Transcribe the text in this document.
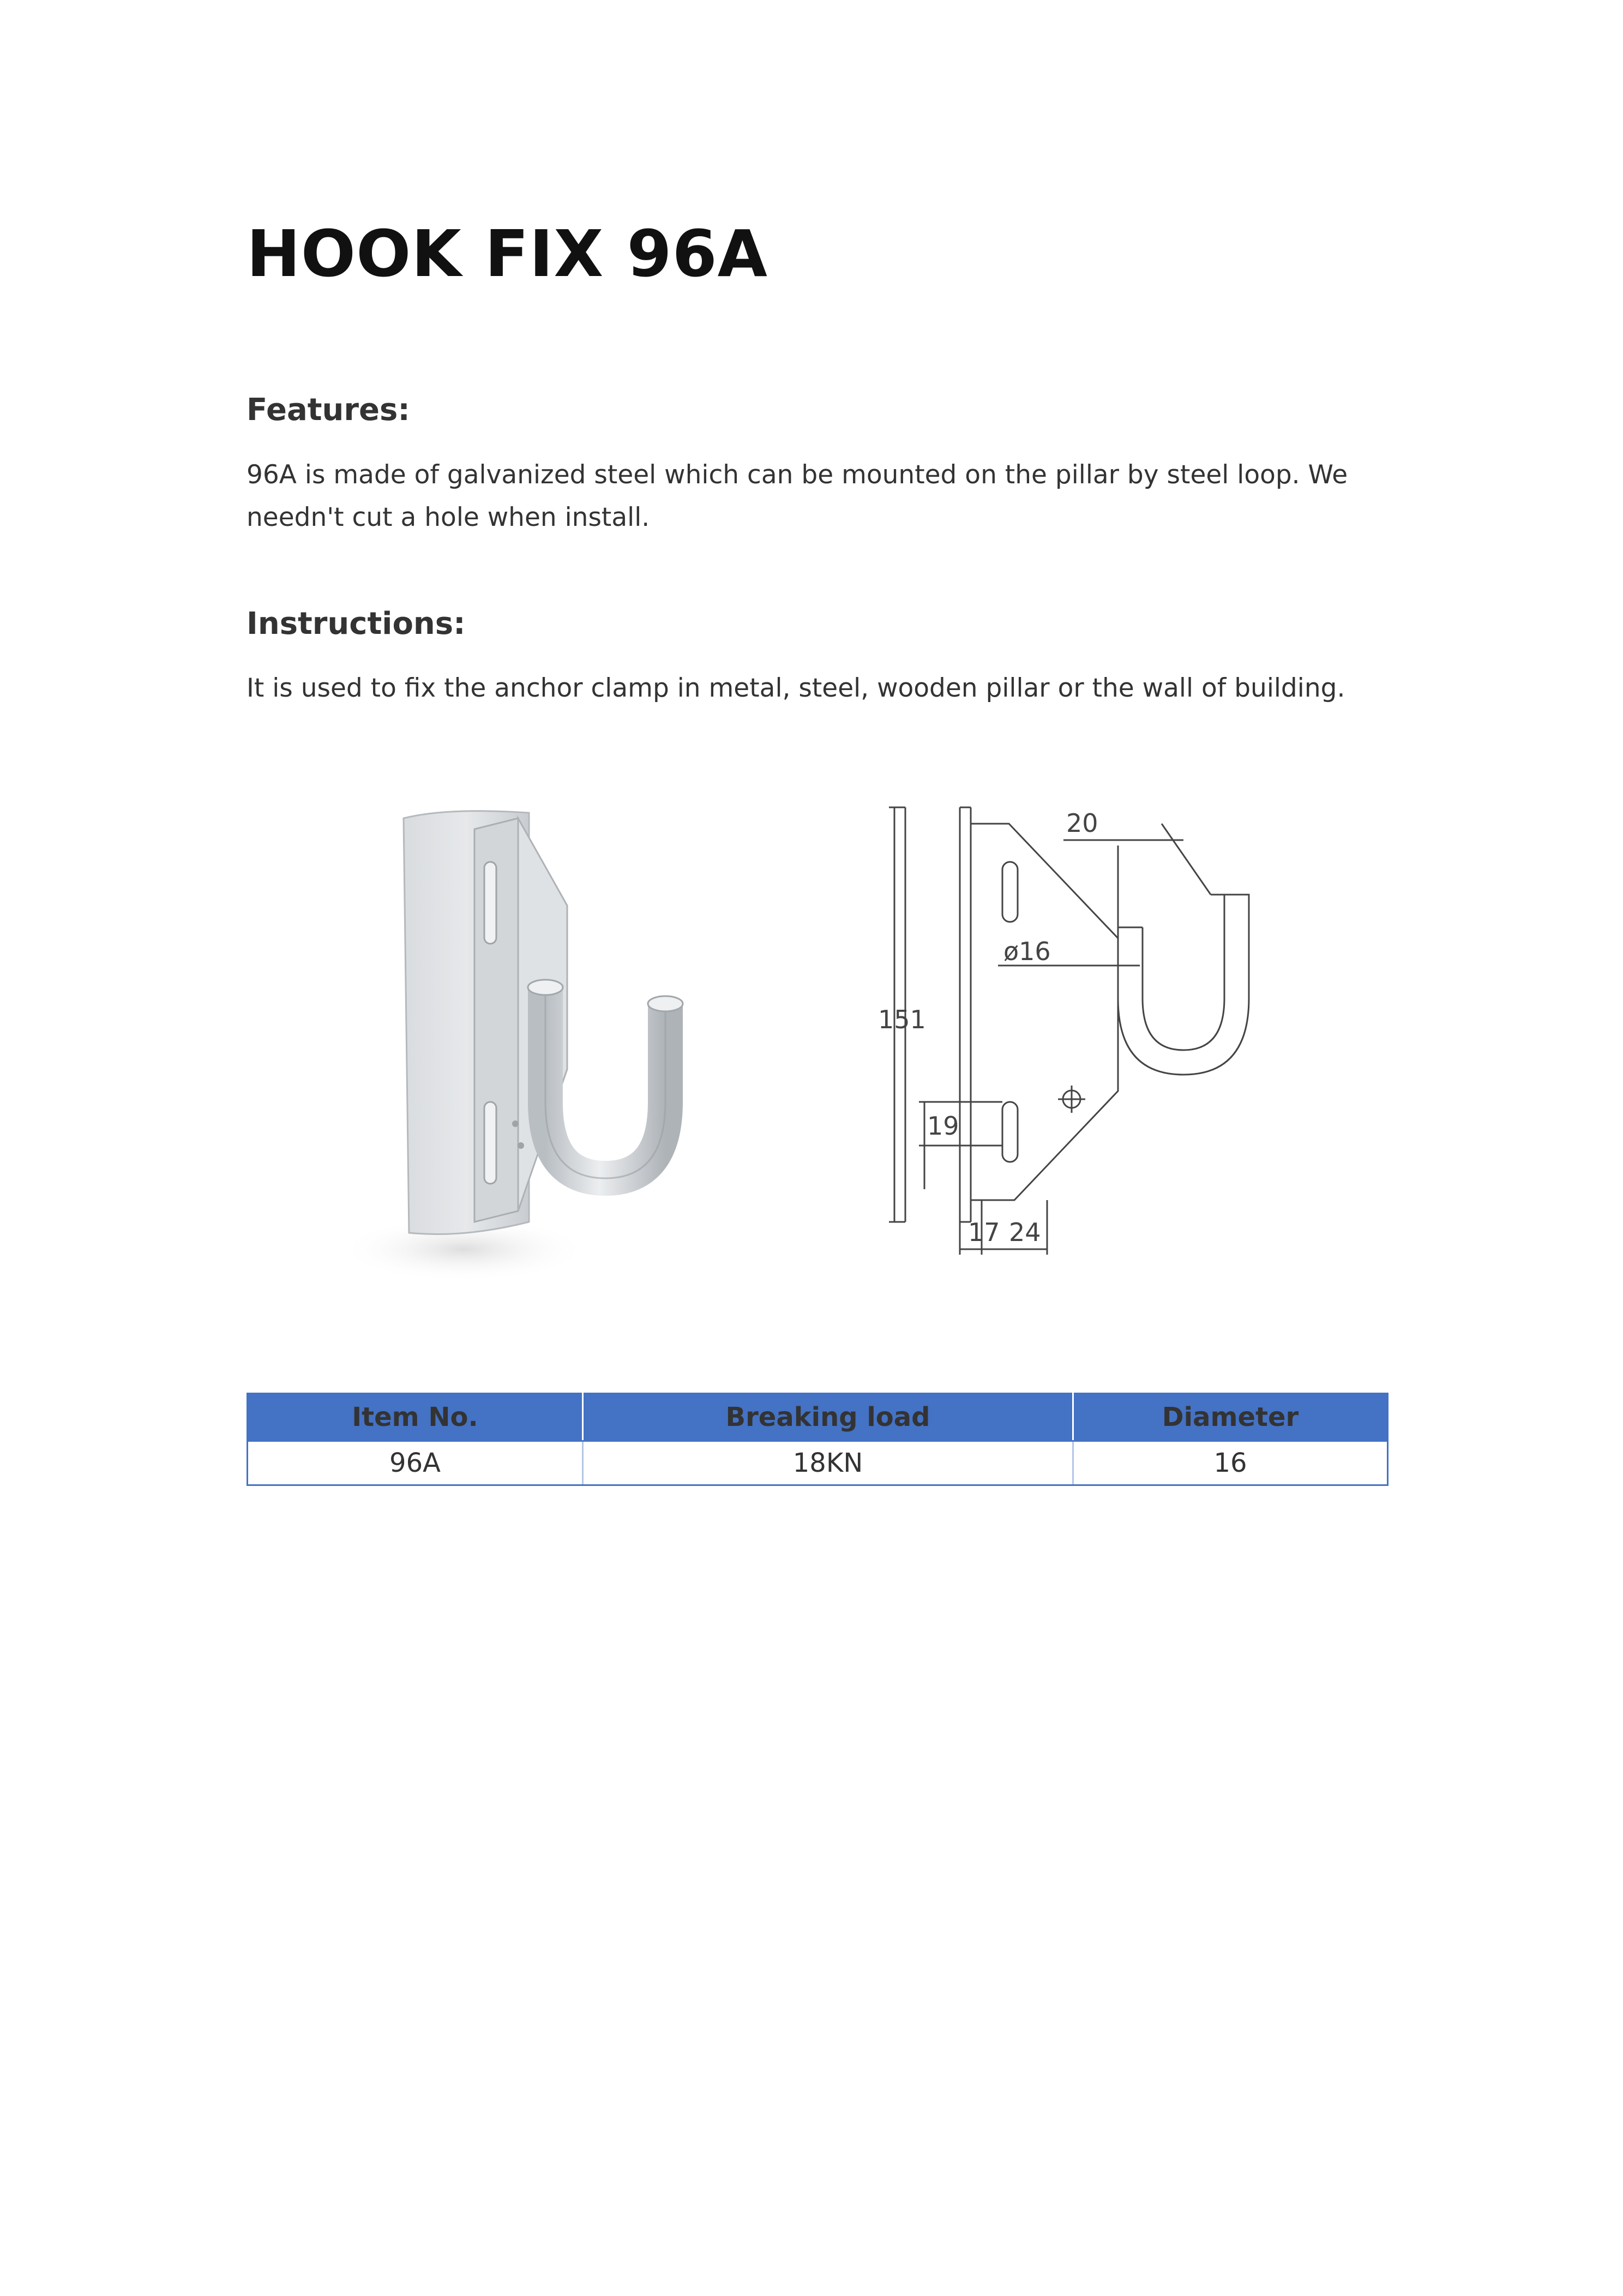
HOOK FIX 96A
Features:

96A is made of galvanized steel which can be mounted on the pillar by steel loop. We needn't cut a hole when install.

Instructions:

It is used to fix the anchor clamp in metal, steel, wooden pillar or the wall of building.

151
20
ø16
19
17 24
Item No.	Breaking load	Diameter
96A	18KN	16
